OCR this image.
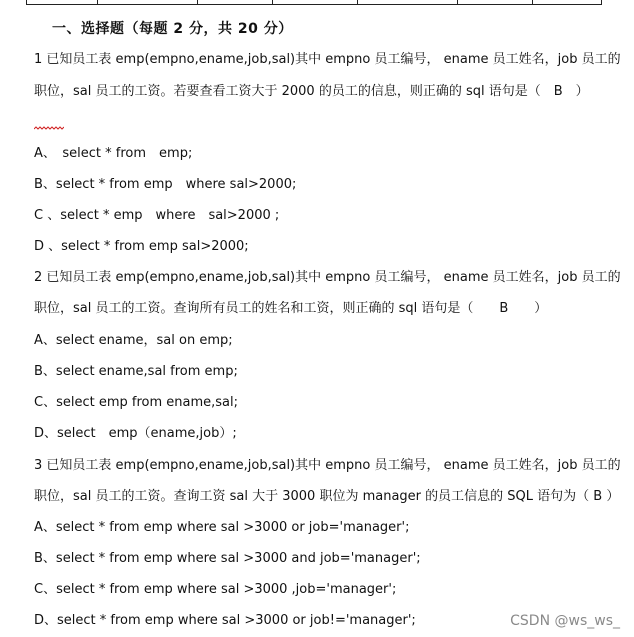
一、选择题（每题 2 分，共 20 分）
1 已知员工表 emp(empno,ename,job,sal)其中 empno 员工编号， ename 员工姓名，job 员工的
职位，sal 员工的工资。若要查看工资大于 2000 的员工的信息，则正确的 sql 语句是（　B　）
A、　select * from　emp;
B、select * from emp　where sal>2000;
C 、select * emp　where　sal>2000 ;
D 、select * from emp sal>2000;
2 已知员工表 emp(empno,ename,job,sal)其中 empno 员工编号， ename 员工姓名，job 员工的
职位，sal 员工的工资。查询所有员工的姓名和工资，则正确的 sql 语句是（　　B　　）
A、select ename，sal on emp;
B、select ename,sal from emp;
C、select emp from ename,sal;
D、select　emp（ename,job）;
3 已知员工表 emp(empno,ename,job,sal)其中 empno 员工编号， ename 员工姓名，job 员工的
职位，sal 员工的工资。查询工资 sal 大于 3000 职位为 manager 的员工信息的 SQL 语句为（ B ）
A、select * from emp where sal >3000 or job='manager';
B、select * from emp where sal >3000 and job='manager';
C、select * from emp where sal >3000 ,job='manager';
D、select * from emp where sal >3000 or job!='manager';	CSDN @ws_ws_
